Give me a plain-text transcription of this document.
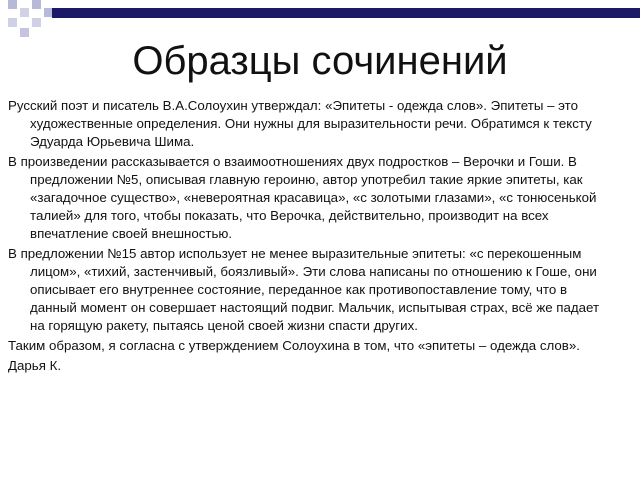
Образцы сочинений

Русский поэт и писатель В.А.Солоухин утверждал: «Эпитеты - одежда слов». Эпитеты – это художественные определения. Они нужны для выразительности речи. Обратимся к тексту Эдуарда Юрьевича Шима.

В произведении рассказывается о взаимоотношениях двух подростков – Верочки и Гоши. В предложении №5, описывая главную героиню, автор употребил такие яркие эпитеты, как «загадочное существо», «невероятная красавица», «с золотыми глазами», «с тонюсенькой талией» для того, чтобы показать, что Верочка, действительно, производит на всех впечатление своей внешностью.

В предложении №15 автор использует не менее выразительные эпитеты: «с перекошенным лицом», «тихий, застенчивый, боязливый». Эти слова написаны по отношению к Гоше, они описывает его внутреннее состояние, переданное как противопоставление тому, что в данный момент он совершает настоящий подвиг. Мальчик, испытывая страх, всё же падает на горящую ракету, пытаясь ценой своей жизни спасти других.

Таким образом, я согласна с утверждением Солоухина в том, что «эпитеты – одежда слов».

Дарья К.
